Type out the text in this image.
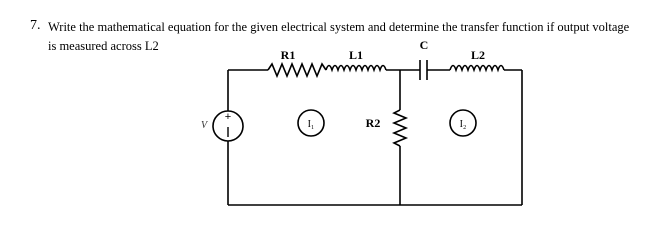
7. Write the mathematical equation for the given electrical system and determine the transfer function if output voltage
is measured across L2
+
V	I₁	I₂
R1	L1
C
L2
R2
